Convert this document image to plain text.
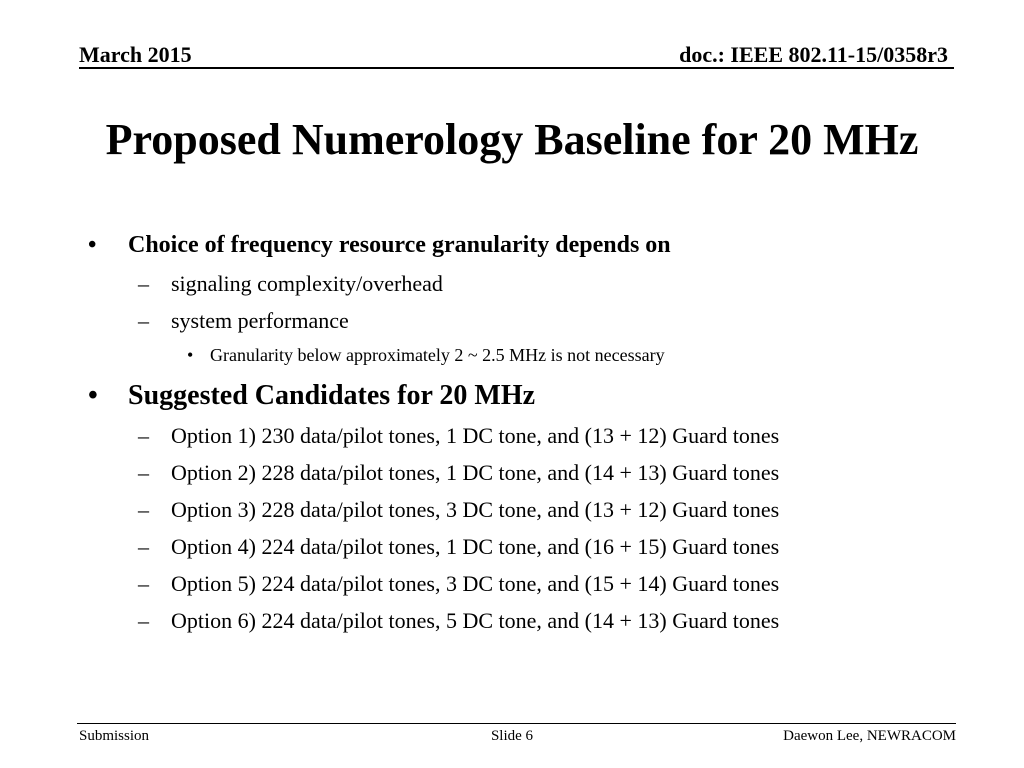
March 2015	doc.: IEEE 802.11-15/0358r3
Proposed Numerology Baseline for 20 MHz
• Choice of frequency resource granularity depends on
– signaling complexity/overhead
– system performance
• Granularity below approximately 2 ~ 2.5 MHz is not necessary
• Suggested Candidates for 20 MHz
– Option 1) 230 data/pilot tones, 1 DC tone, and (13 + 12) Guard tones
– Option 2) 228 data/pilot tones, 1 DC tone, and (14 + 13) Guard tones
– Option 3) 228 data/pilot tones, 3 DC tone, and (13 + 12) Guard tones
– Option 4) 224 data/pilot tones, 1 DC tone, and (16 + 15) Guard tones
– Option 5) 224 data/pilot tones, 3 DC tone, and (15 + 14) Guard tones
– Option 6) 224 data/pilot tones, 5 DC tone, and (14 + 13) Guard tones
Submission	Slide 6	Daewon Lee, NEWRACOM
